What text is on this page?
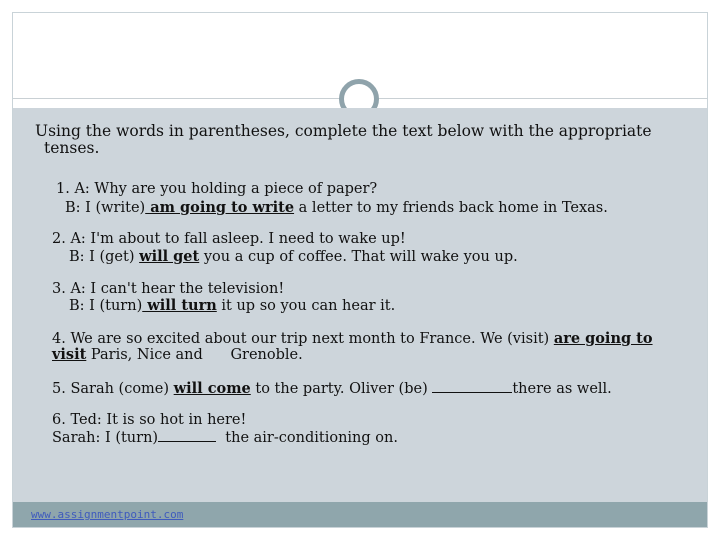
Using the words in parentheses, complete the text below with the appropriate
tenses.
1. A: Why are you holding a piece of paper?
B: I (write) am going to write a letter to my friends back home in Texas.
2. A: I'm about to fall asleep. I need to wake up!
B: I (get) will get you a cup of coffee. That will wake you up.
3. A: I can't hear the television!
B: I (turn) will turn it up so you can hear it.
4. We are so excited about our trip next month to France. We (visit) are going to
visit Paris, Nice and      Grenoble.
5. Sarah (come) will come to the party. Oliver (be)	there as well.
6. Ted: It is so hot in here!
Sarah: I (turn)	the air-conditioning on.
www.assignmentpoint.com
